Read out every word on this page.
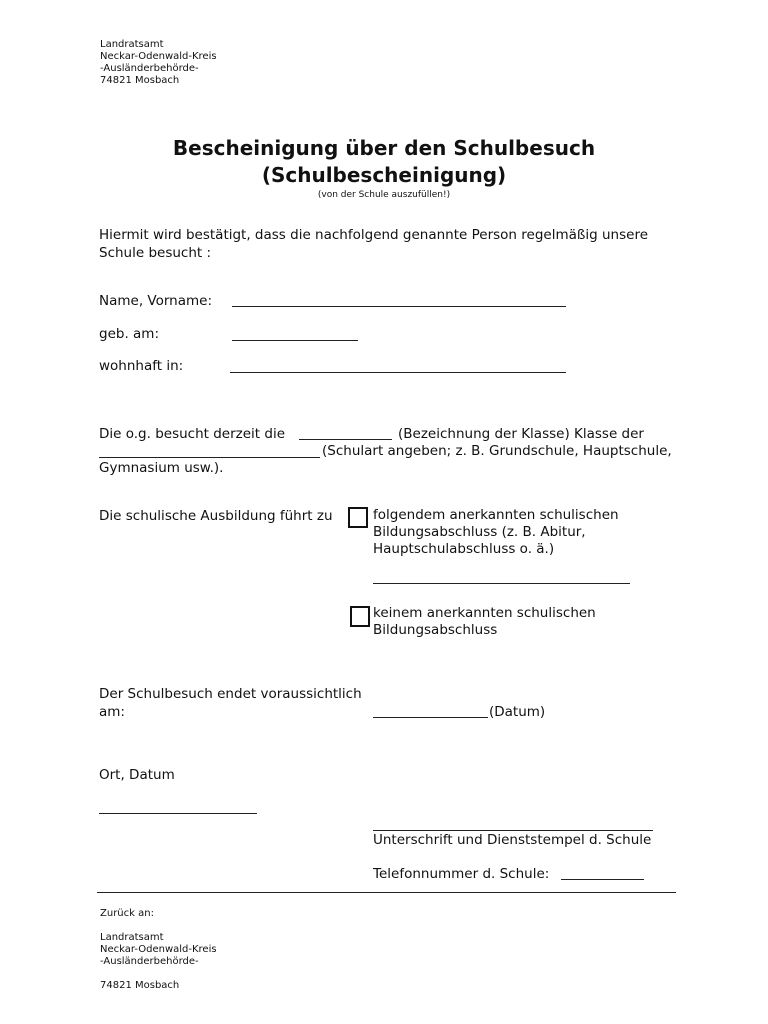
Landratsamt
Neckar-Odenwald-Kreis
-Ausländerbehörde-
74821 Mosbach
Bescheinigung über den Schulbesuch
(Schulbescheinigung)
(von der Schule auszufüllen!)
Hiermit wird bestätigt, dass die nachfolgend genannte Person regelmäßig unsere
Schule besucht :
Name, Vorname:
geb. am:
wohnhaft in:
Die o.g. besucht derzeit die	(Bezeichnung der Klasse) Klasse der
(Schulart angeben; z. B. Grundschule, Hauptschule,
Gymnasium usw.).
Die schulische Ausbildung führt zu	folgendem anerkannten schulischen
Bildungsabschluss (z. B. Abitur,
Hauptschulabschluss o. ä.)
keinem anerkannten schulischen
Bildungsabschluss
Der Schulbesuch endet voraussichtlich
am:	(Datum)
Ort, Datum
Unterschrift und Dienststempel d. Schule
Telefonnummer d. Schule:
Zurück an:
Landratsamt
Neckar-Odenwald-Kreis
-Ausländerbehörde-
74821 Mosbach
